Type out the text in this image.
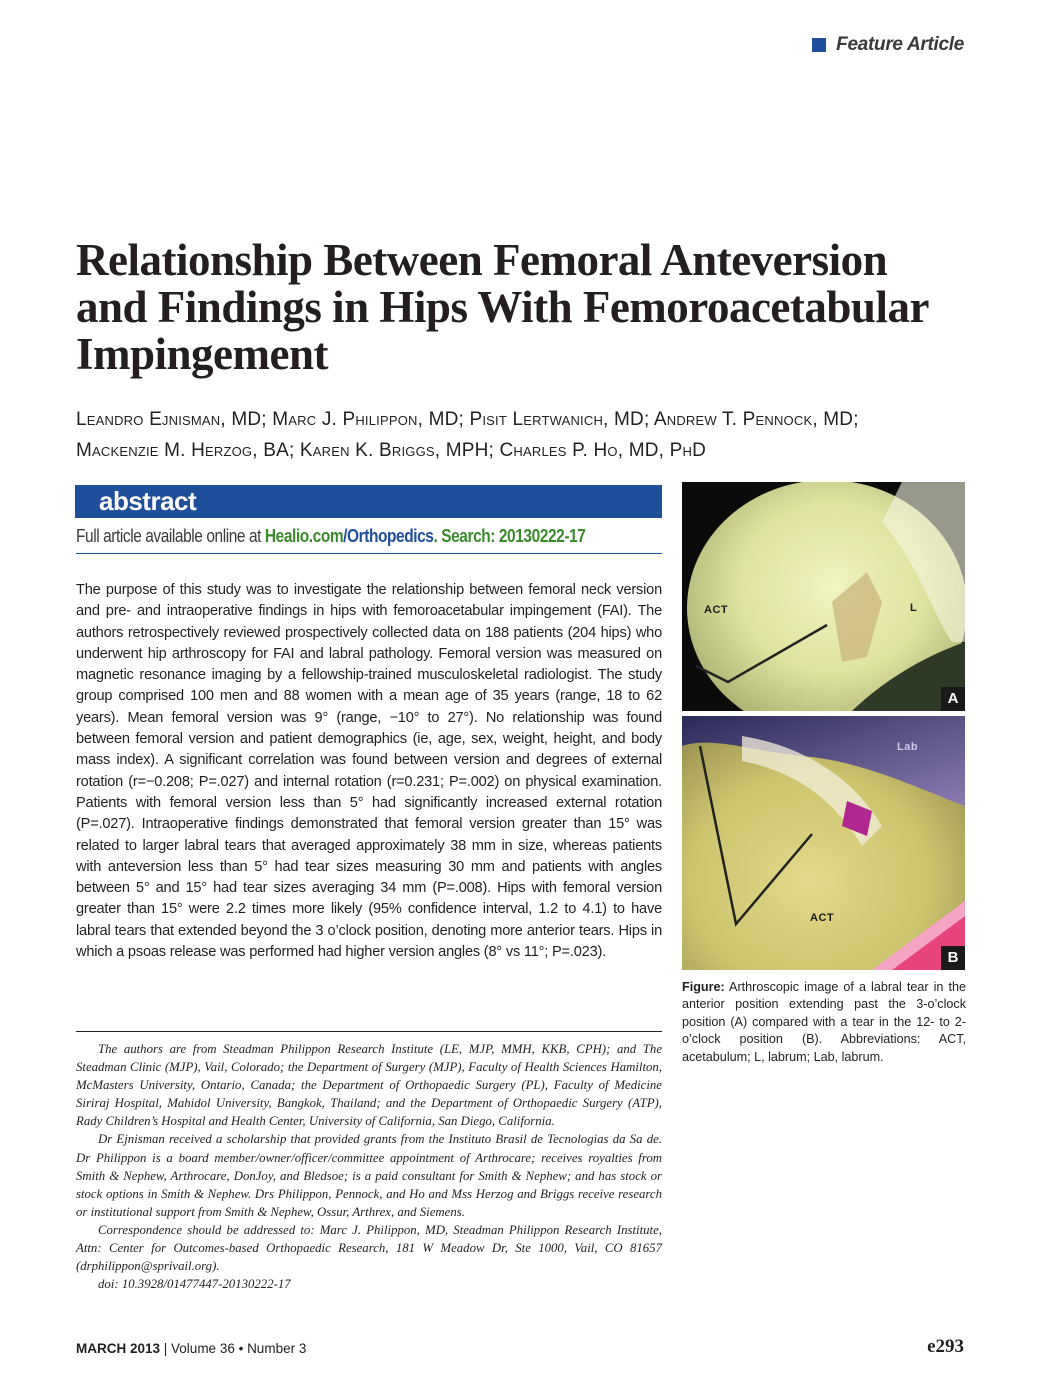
Feature Article
Relationship Between Femoral Anteversion
and Findings in Hips With Femoroacetabular
Impingement
Leandro Ejnisman, MD; Marc J. Philippon, MD; Pisit Lertwanich, MD; Andrew T. Pennock, MD;
Mackenzie M. Herzog, BA; Karen K. Briggs, MPH; Charles P. Ho, MD, PhD
abstract
Full article available online at Healio.com/Orthopedics. Search: 20130222-17

The purpose of this study was to investigate the relationship between femoral neck version and pre- and intraoperative findings in hips with femoroacetabular impingement (FAI). The authors retrospectively reviewed prospectively collected data on 188 patients (204 hips) who underwent hip arthroscopy for FAI and labral pathology. Femoral version was measured on magnetic resonance imaging by a fellowship-trained musculoskeletal radiologist. The study group comprised 100 men and 88 women with a mean age of 35 years (range, 18 to 62 years). Mean femoral version was 9° (range, −10° to 27°). No relationship was found between femoral version and patient demographics (ie, age, sex, weight, height, and body mass index). A significant correlation was found between version and degrees of external rotation (r=−0.208; P=.027) and internal rotation (r=0.231; P=.002) on physical examination. Patients with femoral version less than 5° had significantly increased external rotation (P=.027). Intraoperative findings demonstrated that femoral version greater than 15° was related to larger labral tears that averaged approximately 38 mm in size, whereas patients with anteversion less than 5° had tear sizes measuring 30 mm and patients with angles between 5° and 15° had tear sizes averaging 34 mm (P=.008). Hips with femoral version greater than 15° were 2.2 times more likely (95% confidence interval, 1.2 to 4.1) to have labral tears that extended beyond the 3 o’clock position, denoting more anterior tears. Hips in which a psoas release was performed had higher version angles (8° vs 11°; P=.023).

The authors are from Steadman Philippon Research Institute (LE, MJP, MMH, KKB, CPH); and The Steadman Clinic (MJP), Vail, Colorado; the Department of Surgery (MJP), Faculty of Health Sciences Hamilton, McMasters University, Ontario, Canada; the Department of Orthopaedic Surgery (PL), Faculty of Medicine Siriraj Hospital, Mahidol University, Bangkok, Thailand; and the Department of Orthopaedic Surgery (ATP), Rady Children’s Hospital and Health Center, University of California, San Diego, California.

Dr Ejnisman received a scholarship that provided grants from the Instituto Brasil de Tecnologias da Sa de. Dr Philippon is a board member/owner/officer/committee appointment of Arthrocare; receives royalties from Smith & Nephew, Arthrocare, DonJoy, and Bledsoe; is a paid consultant for Smith & Nephew; and has stock or stock options in Smith & Nephew. Drs Philippon, Pennock, and Ho and Mss Herzog and Briggs receive research or institutional support from Smith & Nephew, Ossur, Arthrex, and Siemens.

Correspondence should be addressed to: Marc J. Philippon, MD, Steadman Philippon Research Institute, Attn: Center for Outcomes-based Orthopaedic Research, 181 W Meadow Dr, Ste 1000, Vail, CO 81657 (drphilippon@sprivail.org).

doi: 10.3928/01477447-20130222-17

ACT	L
A
Lab
ACT
B

Figure: Arthroscopic image of a labral tear in the anterior position extending past the 3-o’clock position (A) compared with a tear in the 12- to 2-o’clock position (B). Abbreviations: ACT, acetabulum; L, labrum; Lab, labrum.

MARCH 2013 | Volume 36 • Number 3	e293
